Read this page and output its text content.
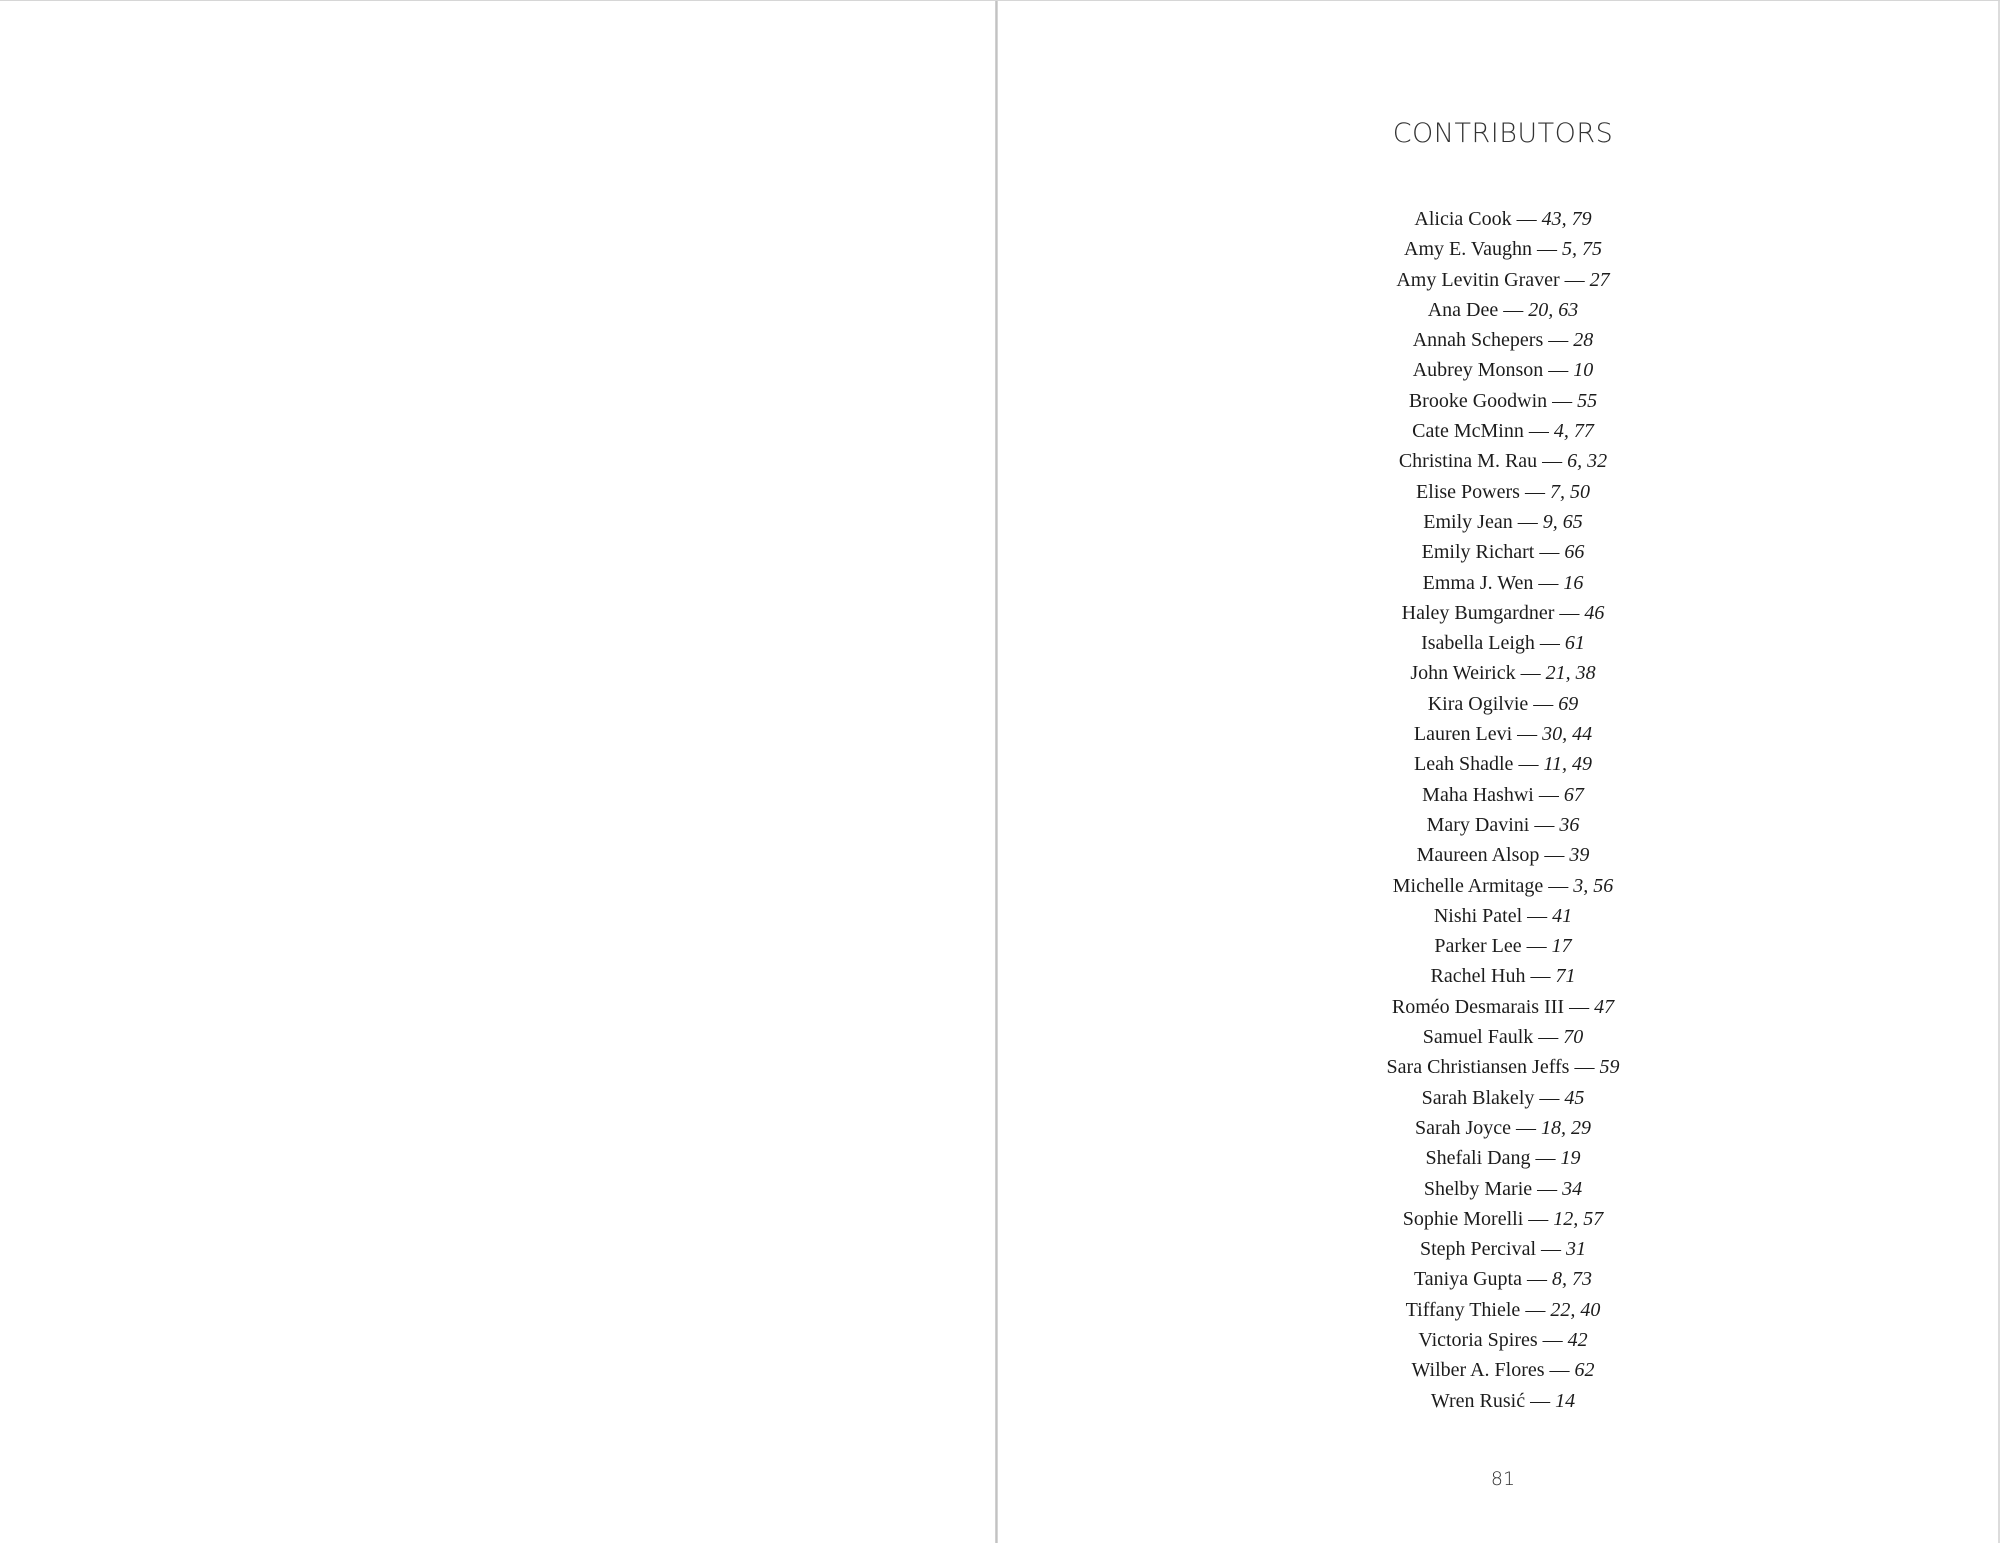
CONTRIBUTORS
Alicia Cook — 43, 79
Amy E. Vaughn — 5, 75
Amy Levitin Graver — 27
Ana Dee — 20, 63
Annah Schepers — 28
Aubrey Monson — 10
Brooke Goodwin — 55
Cate McMinn — 4, 77
Christina M. Rau — 6, 32
Elise Powers — 7, 50
Emily Jean — 9, 65
Emily Richart — 66
Emma J. Wen — 16
Haley Bumgardner — 46
Isabella Leigh — 61
John Weirick — 21, 38
Kira Ogilvie — 69
Lauren Levi — 30, 44
Leah Shadle — 11, 49
Maha Hashwi — 67
Mary Davini — 36
Maureen Alsop — 39
Michelle Armitage — 3, 56
Nishi Patel — 41
Parker Lee — 17
Rachel Huh — 71
Roméo Desmarais III — 47
Samuel Faulk — 70
Sara Christiansen Jeffs — 59
Sarah Blakely — 45
Sarah Joyce — 18, 29
Shefali Dang — 19
Shelby Marie — 34
Sophie Morelli — 12, 57
Steph Percival — 31
Taniya Gupta — 8, 73
Tiffany Thiele — 22, 40
Victoria Spires — 42
Wilber A. Flores — 62
Wren Rusić — 14
81
